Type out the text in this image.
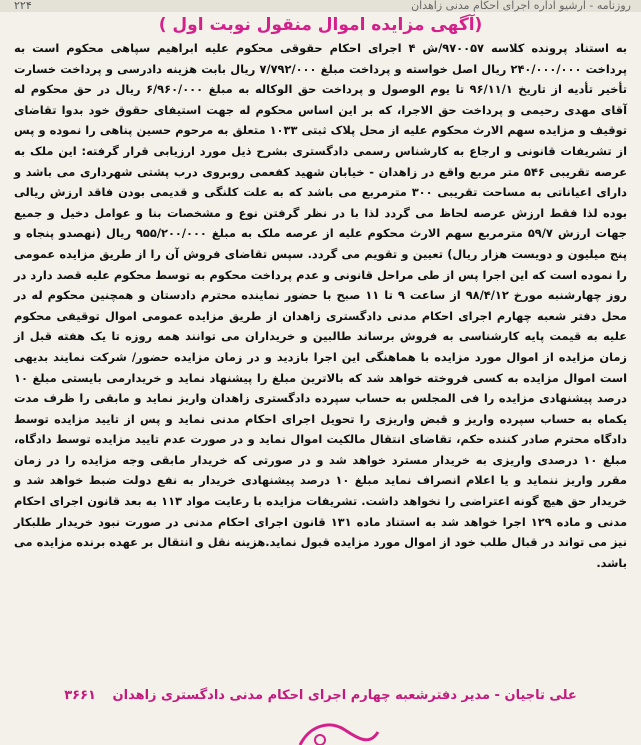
روزنامه - آرشیو اداره اجرای احکام مدنی زاهدان
۲۲۴
(آگهی مزایده اموال منقول نوبت اول )

به استناد پرونده کلاسه ۹۷۰۰۵۷/ش ۴ اجرای احکام حقوقی محکوم علیه ابراهیم سپاهی محکوم است به پرداخت ۲۴۰/۰۰۰/۰۰۰ ریال اصل خواسته و پرداخت مبلغ ۷/۷۹۲/۰۰۰ ریال بابت هزینه دادرسی و پرداخت خسارت تأخیر تأدیه از تاریخ ۹۶/۱۱/۱ تا یوم الوصول و پرداخت حق الوکاله به مبلغ ۶/۹۶۰/۰۰۰ ریال در حق محکوم له آقای مهدی رحیمی و پرداخت حق الاجرا، که بر این اساس محکوم له جهت استیفای حقوق خود بدوا تقاضای توقیف و مزایده سهم الارث محکوم علیه از محل پلاک ثبتی ۱۰۳۳ متعلق به مرحوم حسین پناهی را نموده و پس از تشریفات قانونی و ارجاع به کارشناس رسمی دادگستری بشرح ذیل مورد ارزیابی قرار گرفته: این ملک به عرصه تقریبی ۵۴۶ متر مربع واقع در زاهدان - خیابان شهید کفعمی روبروی درب پشتی شهرداری می باشد و دارای اعیاناتی به مساحت تقریبی ۳۰۰ مترمربع می باشد که به علت کلنگی و قدیمی بودن فاقد ارزش ریالی بوده لذا فقط ارزش عرصه لحاظ می گردد لذا با در نظر گرفتن نوع و مشخصات بنا و عوامل دخیل و جمیع جهات ارزش ۵۹/۷ مترمربع سهم الارث محکوم علیه از عرصه ملک به مبلغ ۹۵۵/۲۰۰/۰۰۰ ریال (نهصدو پنجاه و پنج میلیون و دویست هزار ریال) تعیین و تقویم می گردد. سپس تقاضای فروش آن را از طریق مزایده عمومی را نموده است که این اجرا پس از طی مراحل قانونی و عدم پرداخت محکوم به توسط محکوم علیه قصد دارد در روز چهارشنبه مورخ ۹۸/۴/۱۲ از ساعت ۹ تا ۱۱ صبح با حضور نماینده محترم دادستان و همچنین محکوم له در محل دفتر شعبه چهارم اجرای احکام مدنی دادگستری زاهدان از طریق مزایده عمومی اموال توقیفی محکوم علیه به قیمت پایه کارشناسی به فروش برساند طالبین و خریداران می توانند همه روزه تا یک هفته قبل از زمان مزایده از اموال مورد مزایده با هماهنگی این اجرا بازدید و در زمان مزایده حضور/ شرکت نمایند بدیهی است اموال مزایده به کسی فروخته خواهد شد که بالاترین مبلغ را پیشنهاد نماید و خریدارمی بایستی مبلغ ۱۰ درصد پیشنهادی مزایده را فی المجلس به حساب سپرده دادگستری زاهدان واریز نماید و مابقی را ظرف مدت یکماه به حساب سپرده واریز و قبض واریزی را تحویل اجرای احکام مدنی نماید و پس از تایید مزایده توسط دادگاه محترم صادر کننده حکم، تقاضای انتقال مالکیت اموال نماید و در صورت عدم تایید مزایده توسط دادگاه، مبلغ ۱۰ درصدی واریزی به خریدار مسترد خواهد شد و در صورتی که خریدار مابقی وجه مزایده را در زمان مقرر واریز ننماید و یا اعلام انصراف نماید مبلغ ۱۰ درصد پیشنهادی خریدار به نفع دولت ضبط خواهد شد و خریدار حق هیچ گونه اعتراضی را نخواهد داشت. تشریفات مزایده با رعایت مواد ۱۱۳ به بعد قانون اجرای احکام مدنی و ماده ۱۲۹ اجرا خواهد شد به استناد ماده ۱۳۱ قانون اجرای احکام مدنی در صورت نبود خریدار طلبکار نیز می تواند در قبال طلب خود از اموال مورد مزایده قبول نماید.هزینه نقل و انتقال بر عهده برنده مزایده می باشد.

علی تاجیان - مدیر دفترشعبه چهارم اجرای احکام مدنی دادگستری زاهدان ۳۶۶۱
